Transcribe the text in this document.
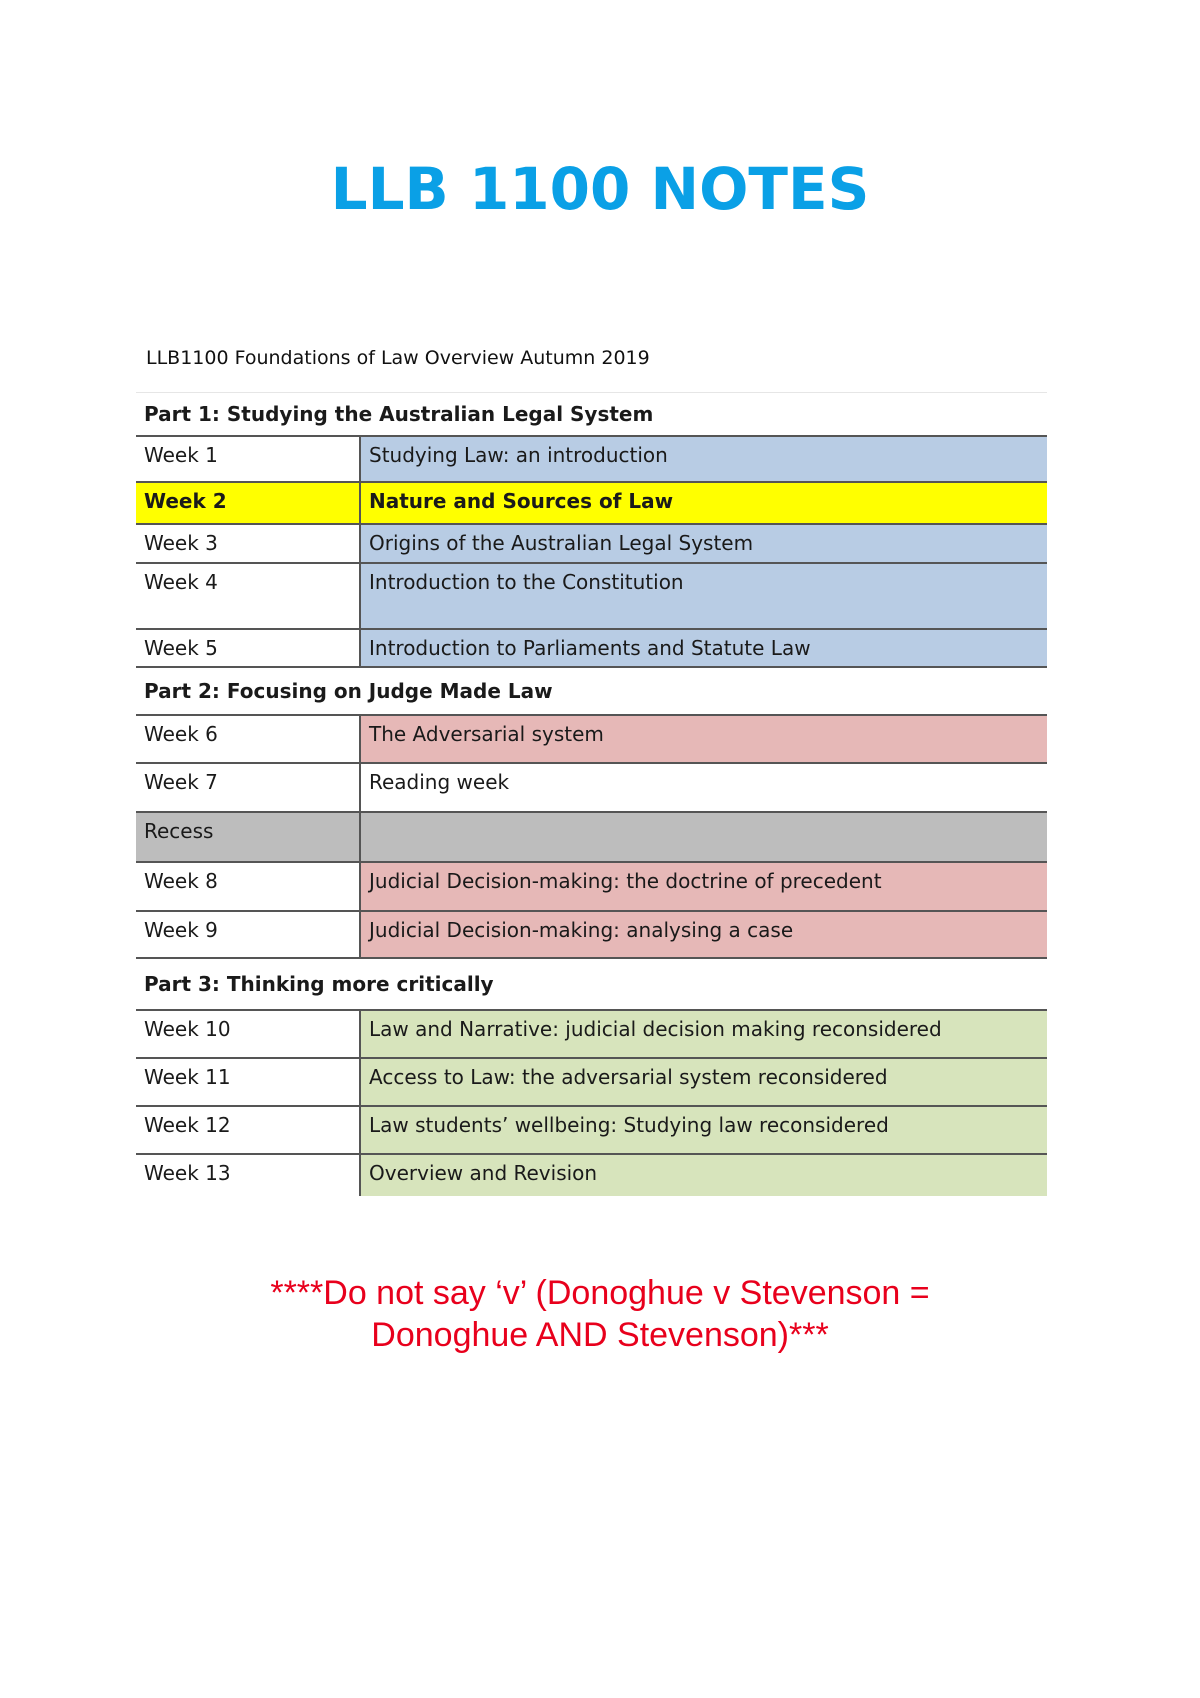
LLB 1100 NOTES
LLB1100 Foundations of Law Overview Autumn 2019
Part 1: Studying the Australian Legal System
Week 1	Studying Law: an introduction
Week 2	Nature and Sources of Law
Week 3	Origins of the Australian Legal System
Week 4	Introduction to the Constitution
Week 5	Introduction to Parliaments and Statute Law
Part 2: Focusing on Judge Made Law
Week 6	The Adversarial system
Week 7	Reading week
Recess
Week 8	Judicial Decision-making: the doctrine of precedent
Week 9	Judicial Decision-making: analysing a case
Part 3: Thinking more critically
Week 10	Law and Narrative: judicial decision making reconsidered
Week 11	Access to Law: the adversarial system reconsidered
Week 12	Law students’ wellbeing: Studying law reconsidered
Week 13	Overview and Revision
****Do not say ‘v’ (Donoghue v Stevenson =
Donoghue AND Stevenson)***
